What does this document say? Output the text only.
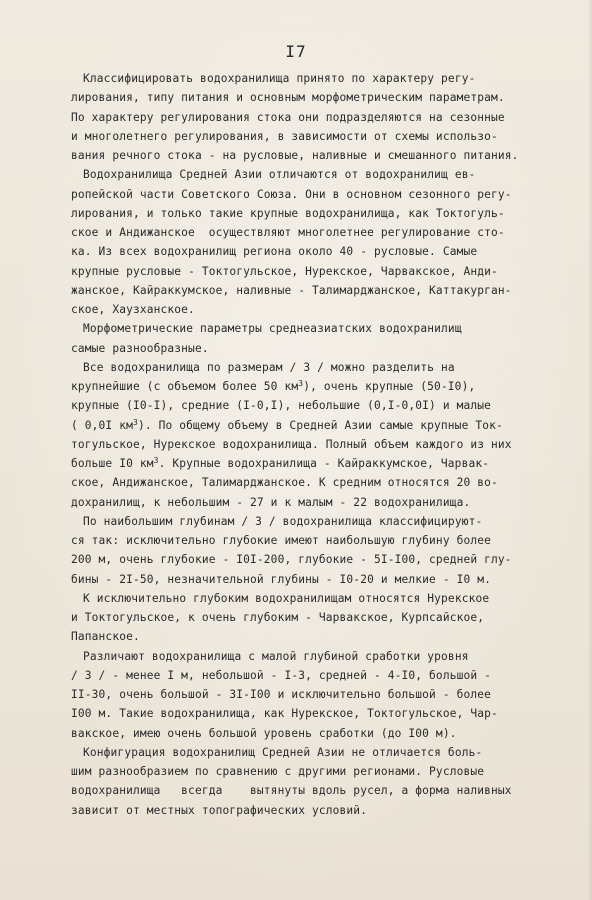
I7
Классифицировать водохранилища принято по характеру регу-
лирования, типу питания и основным морфометрическим параметрам.
По характеру регулирования стока они подразделяются на сезонные
и многолетнего регулирования, в зависимости от схемы использо-
вания речного стока - на русловые, наливные и смешанного питания.
Водохранилища Средней Азии отличаются от водохранилищ ев-
ропейской части Советского Союза. Они в основном сезонного регу-
лирования, и только такие крупные водохранилища, как Токтогуль-
ское и Андижанское  осуществляют многолетнее регулирование сто-
ка. Из всех водохранилищ региона около 40 - русловые. Самые
крупные русловые - Токтогульское, Нурекское, Чарвакское, Анди-
жанское, Кайраккумское, наливные - Талимарджанское, Каттакурган-
ское, Хаузханское.
Морфометрические параметры среднеазиатских водохранилищ
самые разнообразные.
Все водохранилища по размерам / 3 / можно разделить на
крупнейшие (с объемом более 50 $км^3$), очень крупные (50-I0),
крупные (I0-I), средние (I-0,I), небольшие (0,I-0,0I) и малые
( 0,0I $км^3$). По общему объему в Средней Азии самые крупные Ток-
тогульское, Нурекское водохранилища. Полный объем каждого из них
больше I0 $км^3$. Крупные водохранилища - Кайраккумское, Чарвак-
ское, Андижанское, Талимарджанское. К средним относятся 20 во-
дохранилищ, к небольшим - 27 и к малым - 22 водохранилища.
По наибольшим глубинам / 3 / водохранилища классифицируют-
ся так: исключительно глубокие имеют наибольшую глубину более
200 м, очень глубокие - I0I-200, глубокие - 5I-I00, средней глу-
бины - 2I-50, незначительной глубины - I0-20 и мелкие - I0 м.
К исключительно глубоким водохранилищам относятся Нурекское
и Токтогульское, к очень глубоким - Чарвакское, Курпсайское,
Папанское.
Различают водохранилища с малой глубиной сработки уровня
/ 3 / - менее I м, небольшой - I-3, средней - 4-I0, большой -
II-30, очень большой - 3I-I00 и исключительно большой - более
I00 м. Такие водохранилища, как Нурекское, Токтогульское, Чар-
вакское, имею очень большой уровень сработки (до I00 м).
Конфигурация водохранилищ Средней Азии не отличается боль-
шим разнообразием по сравнению с другими регионами. Русловые
водохранилища   всегда    вытянуты вдоль русел, а форма наливных
зависит от местных топографических условий.
